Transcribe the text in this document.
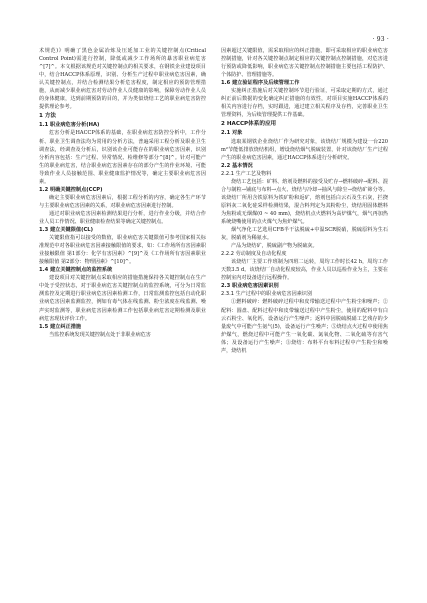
· 93 ·

术规范)》明确了黑色金属冶炼及压延加工业的关键控制点(Critical Control Point)需进行控制，降低或减少工作场所的暴害职业病危害^[7]^。本文根据该规范对关键控制点的相关要求，在钢铁企业建设项目中，结合HACCP体系原理，识别、分析生产过程中职业病危害因素，确认关键控制点，并结合检测结果分析危害程度，制定相应的预防管理措施，从而减少职业病危害对劳动作业人员健康的影响，保障劳动作业人员的身体健康，达到前期预防的目的，并为类似烧结工艺的职业病危害防控提供理论参考。

1 方法
1.1 职业病危害分析(HA)

危害分析是HACCP体系的基础，在职业病危害防控分析中，工作分析、职业卫生调查法均为常用的分析方法，普遍采用工程分析及职业卫生调查法，经调查及分析后，识别该企业可能存在的职业病危害因素，识别分析内容包括：生产过程、异常情况、检维修等部分^[8]^。针对可能产生的职业病危害，结合职业病危害因素存在的部分产生的作业环境、可能导致作业人员接触范围、职业健康监护情况等，确定主要职业病危害因素。

1.2 明确关键控制点(CCP)

确定主要职业病危害因素后，根据工程分析的内容，确定各生产环节与主要职业病危害因素的关系，对职业病危害因素进行控制。

通过对职业病危害因素检测结果进行分析，进行作业分级，并结合作业人员工作情况、职业健康检查结果等确定关键控制点。

1.3 建立关键限值(CL)

关键限值指可以接受的数值，职业病危害关键限值可参考国家相关标准规范中对各职业病危害因素接触限值的要求，如：《工作场所有害因素职业接触限值 第1部分：化学有害因素》^[9]^及《工作场所有害因素职业接触限值 第2部分：物理因素》^[10]^。

1.4 建立关键控制点的监控系统

建设项目对关键控制点采取相应的措施措施保持各关键控制点在生产中处于受控状态，对于职业病危害关键控制点的监控系统，可分为日常监测监控及定期进行职业病危害因素检测工作，日常监测监控包括自动化职业病危害因素监测监控，例如有毒气体在线监测、粉尘浓度在线监测、噪声实时监测等，职业病危害因素检测工作包括职业病危害定期检测及职业病危害现状评价工作。

1.5 建立纠正措施

当监控系统发现关键控制点处于非职业病危害

因素超过关键限值，需采取相应的纠正措施，即可采取相应的职业病危害控制措施，针对各关键控制点制定相应的关键控制点控制措施，对危害进行预防或降低影响，职业病危害关键控制点控制措施主要包括工程防护、个体防护、管理措施等。

1.6 建立验证程序及后续管理工作

实施纠正措施后对关键控制环节进行验证，可采取定期的方式，通过纠正前后数据的变化确定纠正措施的有效性，对项目实施HACCP体系的相关内容进行存档，实时跟进，通过建立相关程序及存档，完善职业卫生管理资料，为后续管理提供工作基础。

2 HACCP体系的应用
2.1 对象

选取某钢铁企业烧结厂作为研究对象，该烧结厂规模为建设一台220 m²节能低排放烧结机组，增设烧结烟气脱硫装置，针对该烧结厂生产过程产生的职业病危害因素，通过HACCP体系进行分析研究。

2.2 基本情况
2.2.1 生产工艺及物料

烧结工艺包括：矿料、熔剂及燃料的接受及贮存→燃料破碎→配料、混合与制粒→铺底与布料→点火、烧结与冷却→抽风与除尘→烧结矿筛分等。该烧结厂所用含铁原料为铁矿粉和返矿，熔剂包括白云石及生石灰，拦挠原料灰二氧化硅采样检测结果，混合料判定为其粉粉尘，烧结用固体燃料为焦粉或无烟煤(0 ~ 40 mm)，烧结机点火燃料为高炉煤气，烟气再加热系统烧嘴使用的点火煤气为焦炉煤气。

烟气净化工艺选用CFB半干法脱硫+中温SCR脱硝，脱硫原料为生石灰，脱硝剂为稀氨水。

产品为烧结矿，脱硫副产物为脱硫灰。

2.2.2 劳动制度及自动化程度

该烧结厂主要工作班制为四班二运转，周均工作时长42 h，周均工作天数3.5 d。该烧结厂自动化程度较高，作业人员以巡检作业为主，主要在控制室内对设备进行远程操作。

2.3 职业病危害因素识别
2.3.1 生产过程中的职业病危害因素识别

①燃料破碎：燃料破碎过程中和皮带输送过程中产生粉尘和噪声；②配料：圆盘、配料过程中和皮带输送过程中产生粉尘，使用的配料中有白云石粉尘、氧化钙，设备运行产生噪声；返料中因脱硫脱硝工艺残存的少量废气中可能产生氨气(5)，设备运行产生噪声；⑤烧结点火过程中使用焦炉煤气，燃烧过程中可能产生一氧化碳、氮氧化物、二氧化硫等有害气体；及设备运行产生噪声；③烧结：布料平台布料过程中产生粉尘和噪声，烧结机
